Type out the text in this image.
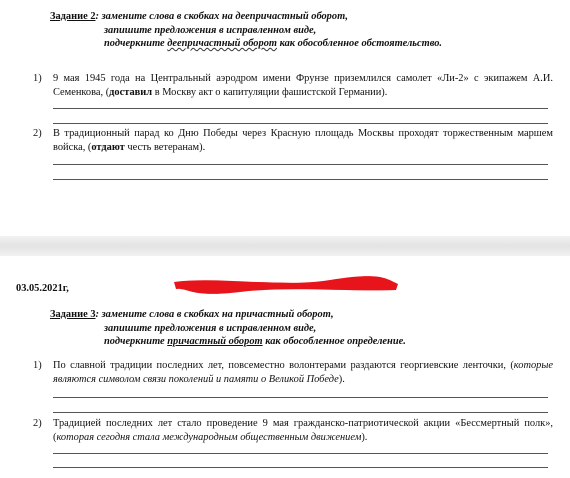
Задание 2: замените слова в скобках на деепричастный оборот,
запишите предложения в исправленном виде,
подчеркните деепричастный оборот как обособленное обстоятельство.
1) 9 мая 1945 года на Центральный аэродром имени Фрунзе приземлился самолет «Ли-2» с экипажем А.И. Семенкова, (доставил в Москву акт о капитуляции фашистской Германии).
2) В традиционный парад ко Дню Победы через Красную площадь Москвы проходят торжественным маршем войска, (отдают честь ветеранам).
03.05.2021г,
Задание 3: замените слова в скобках на причастный оборот,
запишите предложения в исправленном виде,
подчеркните причастный оборот как обособленное определение.
1) По славной традиции последних лет, повсеместно волонтерами раздаются георгиевские ленточки, (которые являются символом связи поколений и памяти о Великой Победе).
2) Традицией последних лет стало проведение 9 мая гражданско-патриотической акции «Бессмертный полк», (которая сегодня стала международным общественным движением).
